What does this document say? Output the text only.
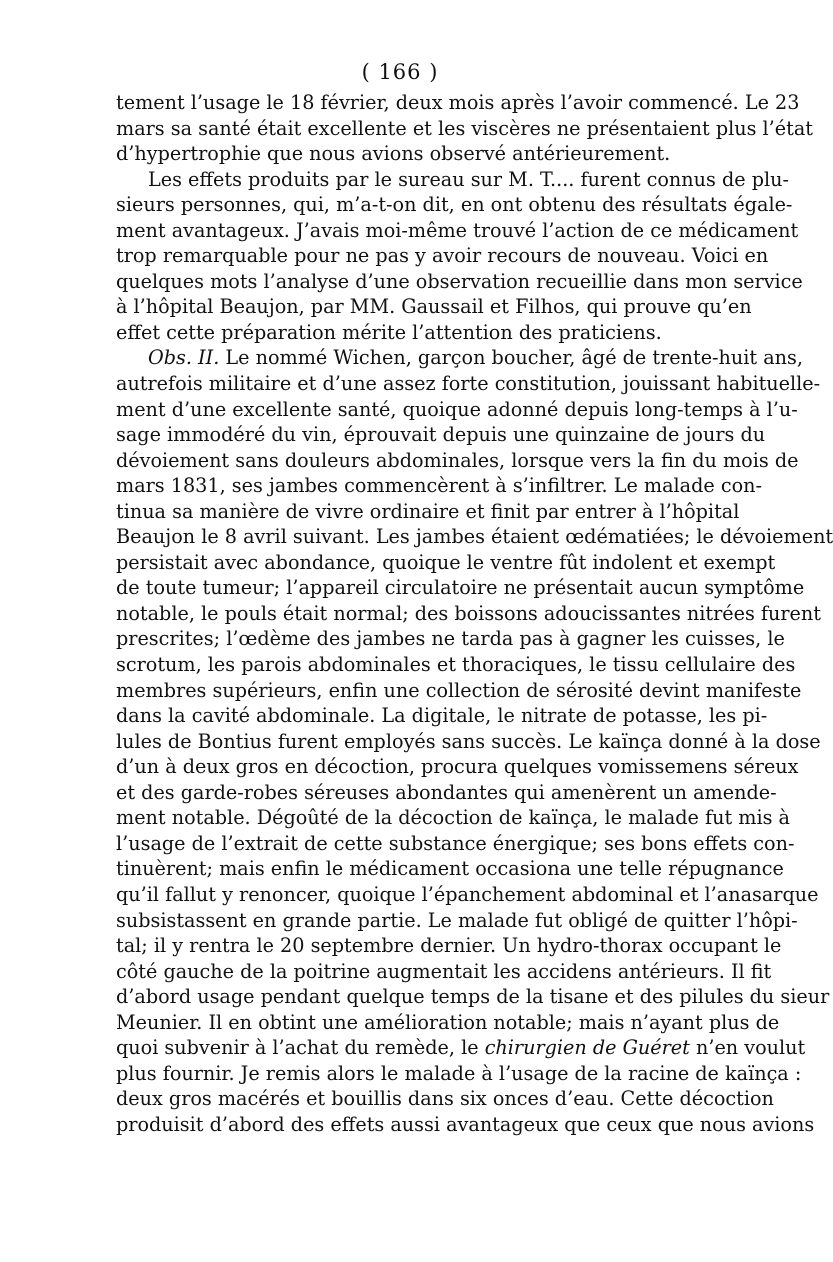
( 166 )
tement l’usage le 18 février, deux mois après l’avoir commencé. Le 23
mars sa santé était excellente et les viscères ne présentaient plus l’état
d’hypertrophie que nous avions observé antérieurement.
Les effets produits par le sureau sur M. T.... furent connus de plu-
sieurs personnes, qui, m’a-t-on dit, en ont obtenu des résultats égale-
ment avantageux. J’avais moi-même trouvé l’action de ce médicament
trop remarquable pour ne pas y avoir recours de nouveau. Voici en
quelques mots l’analyse d’une observation recueillie dans mon service
à l’hôpital Beaujon, par MM. Gaussail et Filhos, qui prouve qu’en
effet cette préparation mérite l’attention des praticiens.
Obs. II. Le nommé Wichen, garçon boucher, âgé de trente-huit ans,
autrefois militaire et d’une assez forte constitution, jouissant habituelle-
ment d’une excellente santé, quoique adonné depuis long-temps à l’u-
sage immodéré du vin, éprouvait depuis une quinzaine de jours du
dévoiement sans douleurs abdominales, lorsque vers la fin du mois de
mars 1831, ses jambes commencèrent à s’infiltrer. Le malade con-
tinua sa manière de vivre ordinaire et finit par entrer à l’hôpital
Beaujon le 8 avril suivant. Les jambes étaient œdématiées; le dévoiement
persistait avec abondance, quoique le ventre fût indolent et exempt
de toute tumeur; l’appareil circulatoire ne présentait aucun symptôme
notable, le pouls était normal; des boissons adoucissantes nitrées furent
prescrites; l’œdème des jambes ne tarda pas à gagner les cuisses, le
scrotum, les parois abdominales et thoraciques, le tissu cellulaire des
membres supérieurs, enfin une collection de sérosité devint manifeste
dans la cavité abdominale. La digitale, le nitrate de potasse, les pi-
lules de Bontius furent employés sans succès. Le kaïnça donné à la dose
d’un à deux gros en décoction, procura quelques vomissemens séreux
et des garde-robes séreuses abondantes qui amenèrent un amende-
ment notable. Dégoûté de la décoction de kaïnça, le malade fut mis à
l’usage de l’extrait de cette substance énergique; ses bons effets con-
tinuèrent; mais enfin le médicament occasiona une telle répugnance
qu’il fallut y renoncer, quoique l’épanchement abdominal et l’anasarque
subsistassent en grande partie. Le malade fut obligé de quitter l’hôpi-
tal; il y rentra le 20 septembre dernier. Un hydro-thorax occupant le
côté gauche de la poitrine augmentait les accidens antérieurs. Il fit
d’abord usage pendant quelque temps de la tisane et des pilules du sieur
Meunier. Il en obtint une amélioration notable; mais n’ayant plus de
quoi subvenir à l’achat du remède, le chirurgien de Guéret n’en voulut
plus fournir. Je remis alors le malade à l’usage de la racine de kaïnça :
deux gros macérés et bouillis dans six onces d’eau. Cette décoction
produisit d’abord des effets aussi avantageux que ceux que nous avions
